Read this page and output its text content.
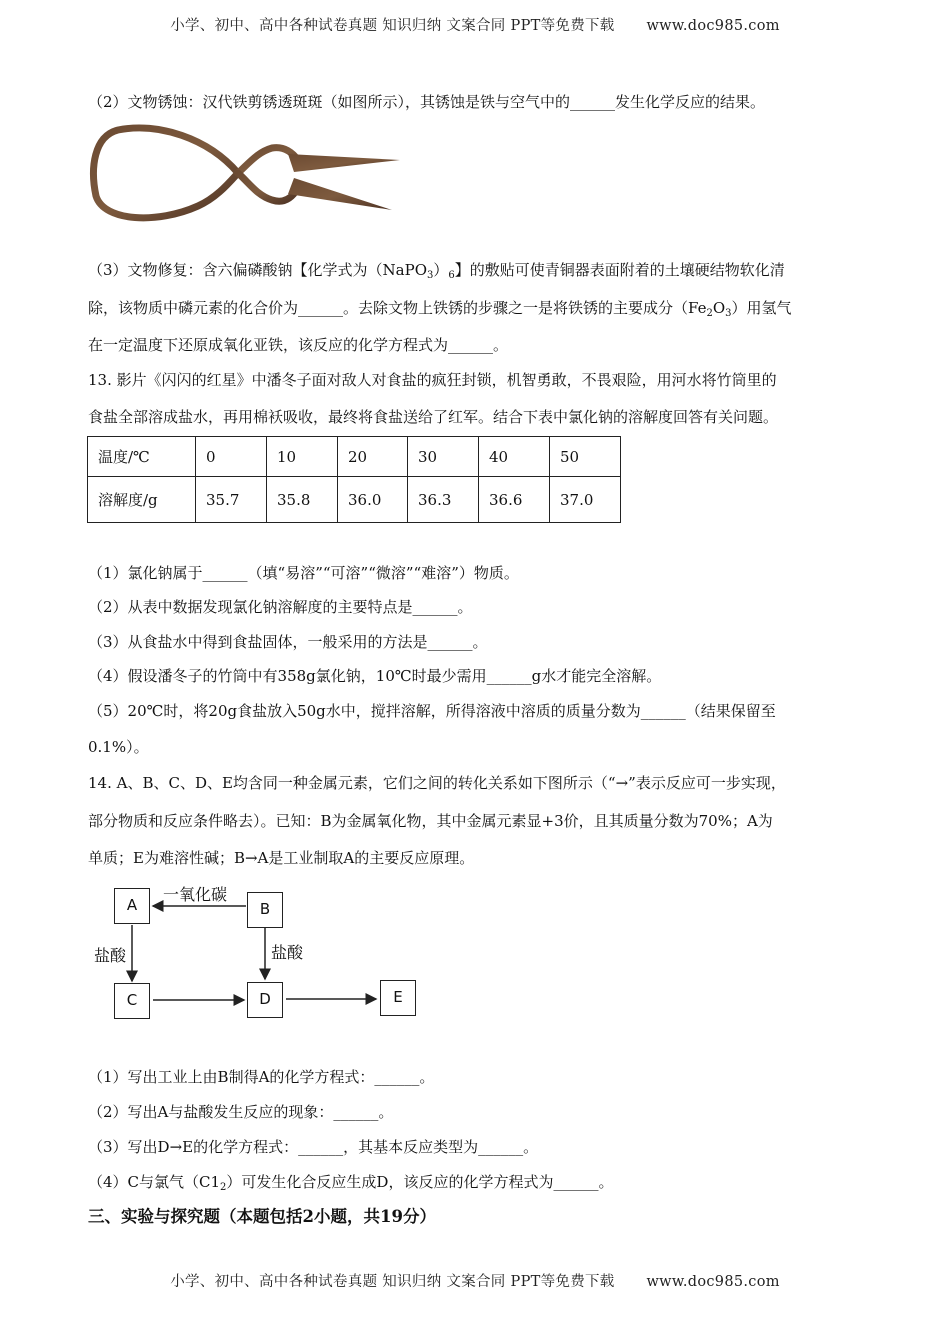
小学、初中、高中各种试卷真题 知识归纳 文案合同 PPT等免费下载 www.doc985.com
（2）文物锈蚀：汉代铁剪锈透斑斑（如图所示），其锈蚀是铁与空气中的______发生化学反应的结果。
（3）文物修复：含六偏磷酸钠【化学式为$(NaPO_3)_6$】的敷贴可使青铜器表面附着的土壤硬结物软化清
除，该物质中磷元素的化合价为______。去除文物上铁锈的步骤之一是将铁锈的主要成分$(Fe_2O_3)$用氢气
在一定温度下还原成氧化亚铁，该反应的化学方程式为______。
13. 影片《闪闪的红星》中潘冬子面对敌人对食盐的疯狂封锁，机智勇敢，不畏艰险，用河水将竹筒里的
食盐全部溶成盐水，再用棉袄吸收，最终将食盐送给了红军。结合下表中氯化钠的溶解度回答有关问题。
温度/℃	0	10	20	30	40	50
溶解度/g	35.7	35.8	36.0	36.3	36.6	37.0
（1）氯化钠属于______（填“易溶”“可溶”“微溶”“难溶”）物质。
（2）从表中数据发现氯化钠溶解度的主要特点是______。
（3）从食盐水中得到食盐固体，一般采用的方法是______。
（4）假设潘冬子的竹筒中有358g氯化钠，10℃时最少需用______g水才能完全溶解。
（5）20℃时，将20g食盐放入50g水中，搅拌溶解，所得溶液中溶质的质量分数为______（结果保留至
0.1%）。
14. A、B、C、D、E均含同一种金属元素，它们之间的转化关系如下图所示（“→”表示反应可一步实现，
部分物质和反应条件略去）。已知：B为金属氧化物，其中金属元素显+3价，且其质量分数为70%；A为
单质；E为难溶性碱；B→A是工业制取A的主要反应原理。
A	B
C	D	E
一氧化碳
盐酸	盐酸
（1）写出工业上由B制得A的化学方程式：______。
（2）写出A与盐酸发生反应的现象：______。
（3）写出D→E的化学方程式：______，其基本反应类型为______。
（4）C与氯气$(C1_2)$可发生化合反应生成D，该反应的化学方程式为______。
三、实验与探究题（本题包括2小题，共19分）
小学、初中、高中各种试卷真题 知识归纳 文案合同 PPT等免费下载 www.doc985.com
